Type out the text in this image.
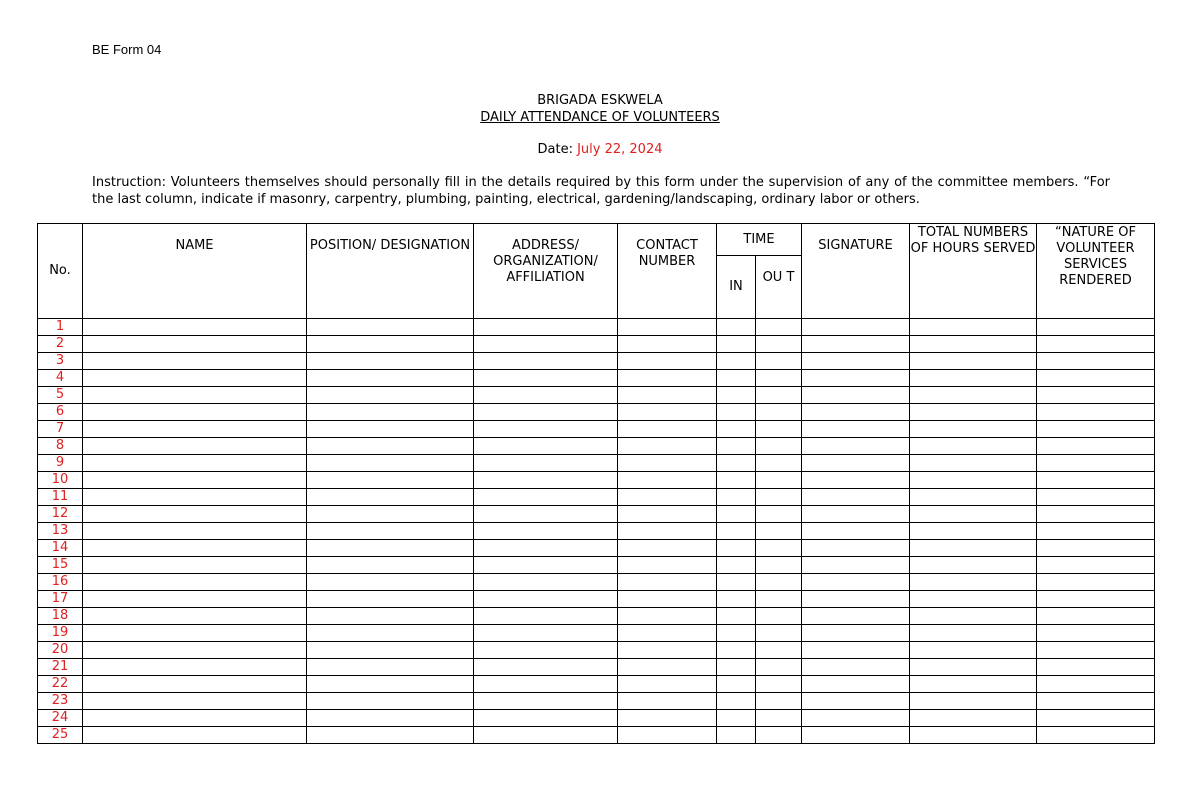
BE Form 04
BRIGADA ESKWELA
DAILY ATTENDANCE OF VOLUNTEERS
Date: July 22, 2024
Instruction: Volunteers themselves should personally fill in the details required by this form under the supervision of any of the committee members. “For the last column, indicate if masonry, carpentry, plumbing, painting, electrical, gardening/landscaping, ordinary labor or others.
No.	NAME	POSITION/ DESIGNATION	ADDRESS/ ORGANIZATION/ AFFILIATION	CONTACT NUMBER	TIME		SIGNATURE	TOTAL NUMBERS OF HOURS SERVED	“NATURE OF VOLUNTEER SERVICES RENDERED
					IN	OU T			
1									
2									
3									
4									
5									
6									
7									
8									
9									
10									
11									
12									
13									
14									
15									
16									
17									
18									
19									
20									
21									
22									
23									
24									
25									
